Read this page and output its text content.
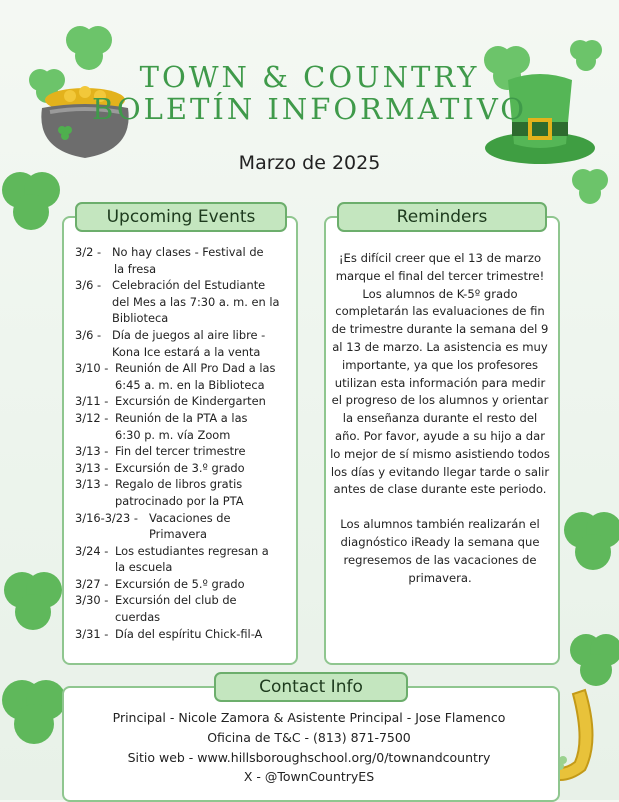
TOWN & COUNTRY
BOLETÍN INFORMATIVO
Marzo de 2025
Upcoming Events	Reminders
Contact Info
3/2 - No hay clases - Festival de
la fresa
3/6 - Celebración del Estudiante
del Mes a las 7:30 a. m. en la Biblioteca
3/6 - Día de juegos al aire libre -
Kona Ice estará a la venta
3/10 - Reunión de All Pro Dad a las
6:45 a. m. en la Biblioteca
3/11 - Excursión de Kindergarten
3/12 - Reunión de la PTA a las
6:30 p. m. vía Zoom
3/13 - Fin del tercer trimestre
3/13 - Excursión de 3.º grado
3/13 - Regalo de libros gratis
patrocinado por la PTA
3/16-3/23 - Vacaciones de
Primavera
3/24 - Los estudiantes regresan a
la escuela
3/27 - Excursión de 5.º grado
3/30 - Excursión del club de
cuerdas
3/31 - Día del espíritu Chick-fil-A

¡Es difícil creer que el 13 de marzo marque el final del tercer trimestre! Los alumnos de K-5º grado completarán las evaluaciones de fin de trimestre durante la semana del 9 al 13 de marzo. La asistencia es muy importante, ya que los profesores utilizan esta información para medir el progreso de los alumnos y orientar la enseñanza durante el resto del año. Por favor, ayude a su hijo a dar lo mejor de sí mismo asistiendo todos los días y evitando llegar tarde o salir antes de clase durante este periodo.

Los alumnos también realizarán el diagnóstico iReady la semana que regresemos de las vacaciones de primavera.

Principal - Nicole Zamora & Asistente Principal - Jose Flamenco
Oficina de T&C - (813) 871-7500
Sitio web - www.hillsboroughschool.org/0/townandcountry
X - @TownCountryES
